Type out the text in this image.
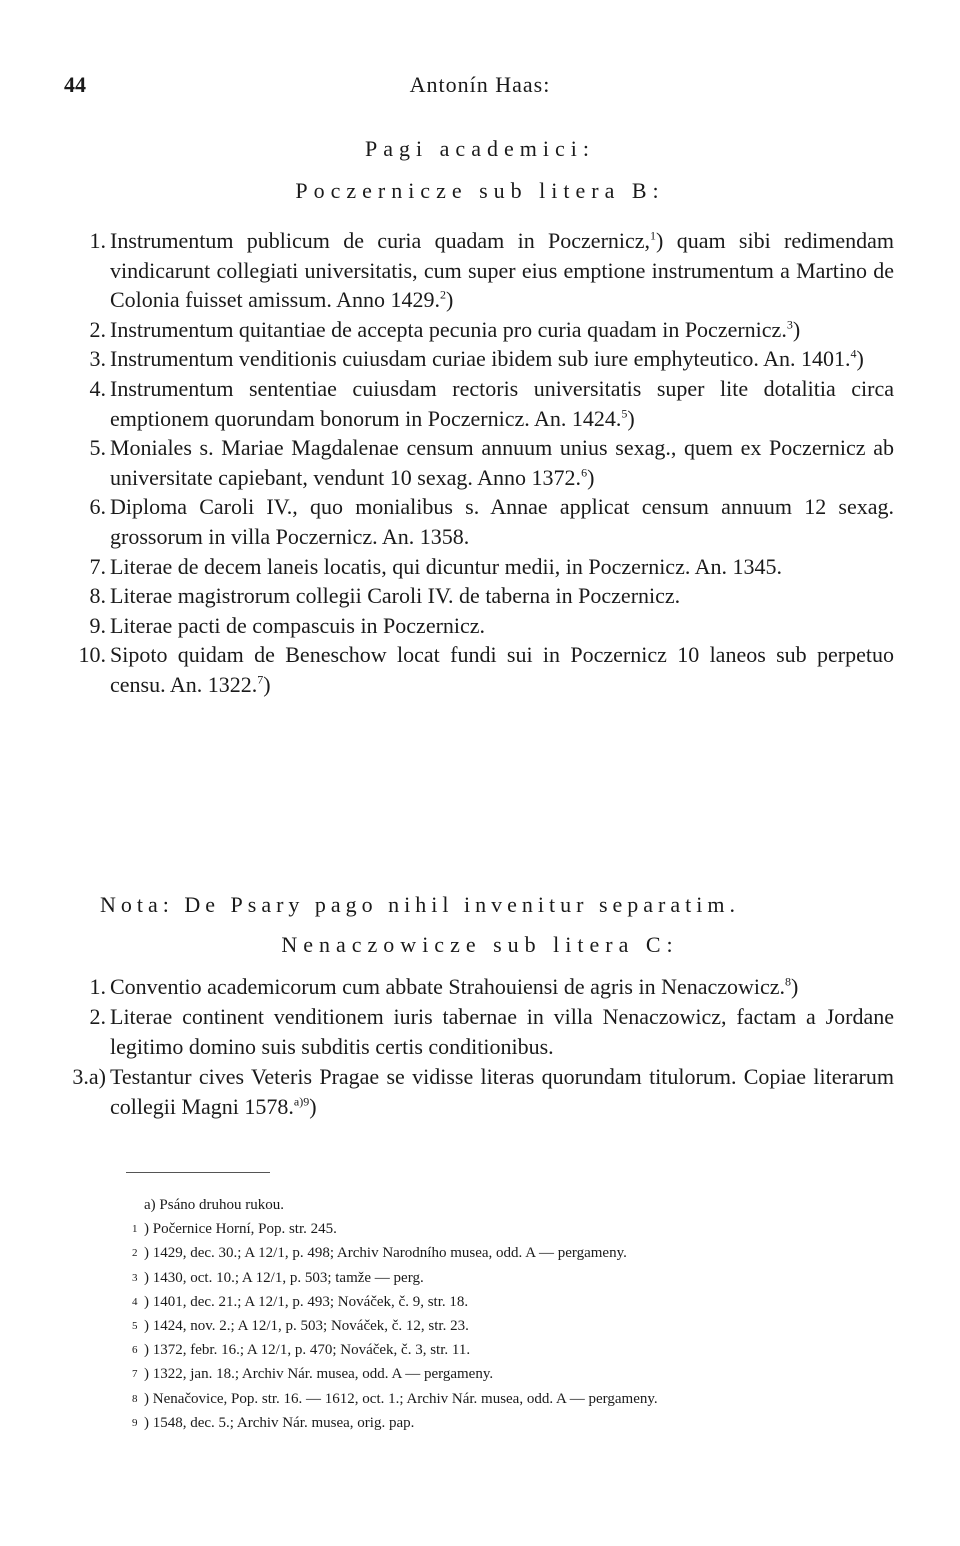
44	Antonín Haas:
Pagi academici:
Poczernicze sub litera B:
1. Instrumentum publicum de curia quadam in Poczernicz,$^1$) quam sibi redimendam vindicarunt collegiati universitatis, cum super eius emptione instrumentum a Martino de Colonia fuisset amissum. Anno 1429.$^2$)
2. Instrumentum quitantiae de accepta pecunia pro curia quadam in Poczernicz.$^3$)
3. Instrumentum venditionis cuiusdam curiae ibidem sub iure emphyteutico. An. 1401.$^4$)
4. Instrumentum sententiae cuiusdam rectoris universitatis super lite dotalitia circa emptionem quorundam bonorum in Poczernicz. An. 1424.$^5$)
5. Moniales s. Mariae Magdalenae censum annuum unius sexag., quem ex Poczernicz ab universitate capiebant, vendunt 10 sexag. Anno 1372.$^6$)
6. Diploma Caroli IV., quo monialibus s. Annae applicat censum annuum 12 sexag. grossorum in villa Poczernicz. An. 1358.
7. Literae de decem laneis locatis, qui dicuntur medii, in Poczernicz. An. 1345.
8. Literae magistrorum collegii Caroli IV. de taberna in Poczernicz.
9. Literae pacti de compascuis in Poczernicz.
10. Sipoto quidam de Beneschow locat fundi sui in Poczernicz 10 laneos sub perpetuo censu. An. 1322.$^7$)
Nota: De Psary pago nihil invenitur separatim.
Nenaczowicze sub litera C:
1. Conventio academicorum cum abbate Strahouiensi de agris in Nenaczowicz.$^8$)
2. Literae continent venditionem iuris tabernae in villa Nenaczowicz, factam a Jordane legitimo domino suis subditis certis conditionibus.
3.a) Testantur cives Veteris Pragae se vidisse literas quorundam titulorum. Copiae literarum collegii Magni 1578.$^{a)9}$)
a) Psáno druhou rukou.
1 ) Počernice Horní, Pop. str. 245.
2 ) 1429, dec. 30.; A 12/1, p. 498; Archiv Narodního musea, odd. A — pergameny.
3 ) 1430, oct. 10.; A 12/1, p. 503; tamže — perg.
4 ) 1401, dec. 21.; A 12/1, p. 493; Nováček, č. 9, str. 18.
5 ) 1424, nov. 2.; A 12/1, p. 503; Nováček, č. 12, str. 23.
6 ) 1372, febr. 16.; A 12/1, p. 470; Nováček, č. 3, str. 11.
7 ) 1322, jan. 18.; Archiv Nár. musea, odd. A — pergameny.
8 ) Nenačovice, Pop. str. 16. — 1612, oct. 1.; Archiv Nár. musea, odd. A — pergameny.
9 ) 1548, dec. 5.; Archiv Nár. musea, orig. pap.
